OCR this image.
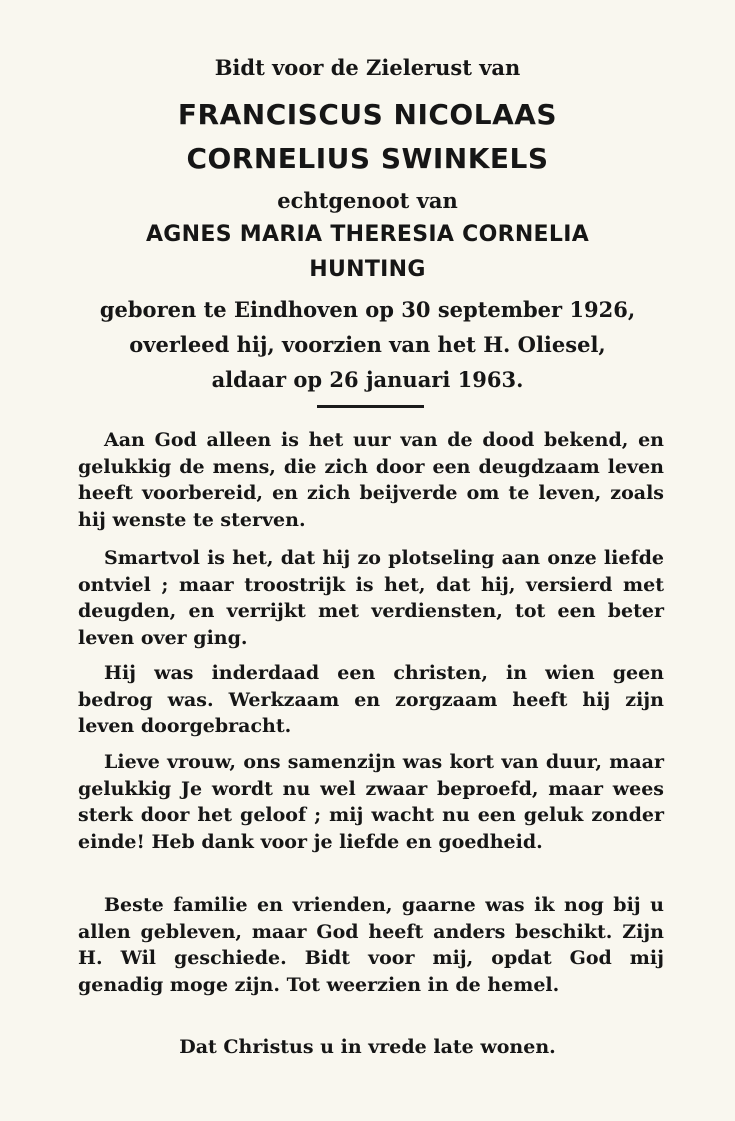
Bidt voor de Zielerust van
FRANCISCUS NICOLAAS
CORNELIUS SWINKELS
echtgenoot van
AGNES MARIA THERESIA CORNELIA
HUNTING
geboren te Eindhoven op 30 september 1926,
overleed hij, voorzien van het H. Oliesel,
aldaar op 26 januari 1963.

Aan God alleen is het uur van de dood bekend, en gelukkig de mens, die zich door een deugdzaam leven heeft voorbereid, en zich beijverde om te leven, zoals hij wenste te sterven.

Smartvol is het, dat hij zo plotseling aan onze liefde ontviel ; maar troostrijk is het, dat hij, versierd met deugden, en verrijkt met verdiensten, tot een beter leven over ging.

Hij was inderdaad een christen, in wien geen bedrog was. Werkzaam en zorgzaam heeft hij zijn leven doorgebracht.

Lieve vrouw, ons samenzijn was kort van duur, maar gelukkig Je wordt nu wel zwaar beproefd, maar wees sterk door het geloof ; mij wacht nu een geluk zonder einde! Heb dank voor je liefde en goedheid.

Beste familie en vrienden, gaarne was ik nog bij u allen gebleven, maar God heeft anders beschikt. Zijn H. Wil geschiede. Bidt voor mij, opdat God mij genadig moge zijn. Tot weerzien in de hemel.

Dat Christus u in vrede late wonen.
